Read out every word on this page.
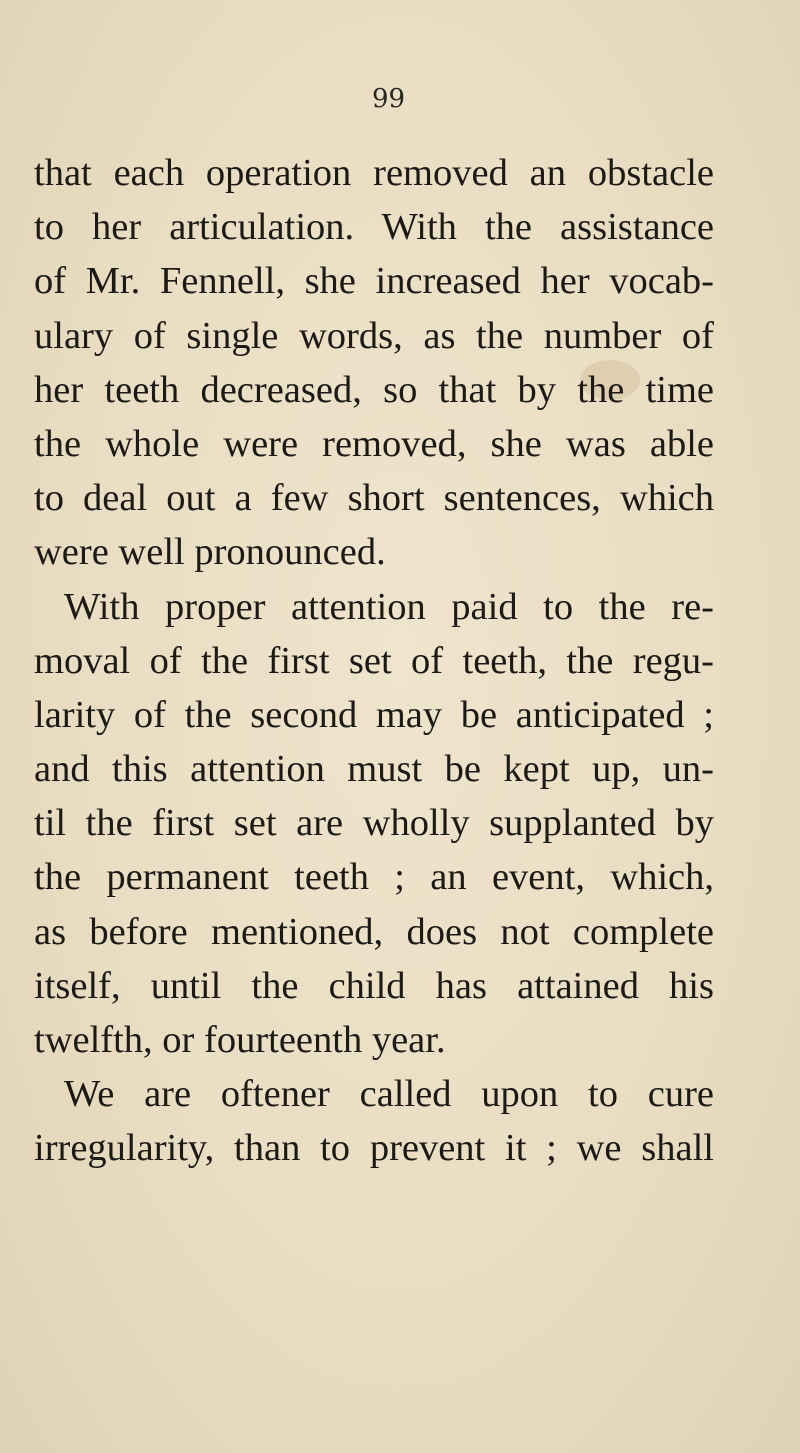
99
that each operation removed an obstacle
to her articulation. With the assistance
of Mr. Fennell, she increased her vocab-
ulary of single words, as the number of
her teeth decreased, so that by the time
the whole were removed, she was able
to deal out a few short sentences, which
were well pronounced.
With proper attention paid to the re-
moval of the first set of teeth, the regu-
larity of the second may be anticipated ;
and this attention must be kept up, un-
til the first set are wholly supplanted by
the permanent teeth ; an event, which,
as before mentioned, does not complete
itself, until the child has attained his
twelfth, or fourteenth year.
We are oftener called upon to cure
irregularity, than to prevent it ; we shall
